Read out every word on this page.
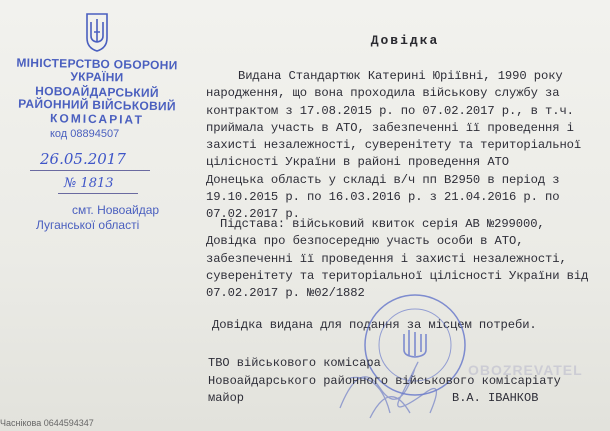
МІНІСТЕРСТВО ОБОРОНИ
УКРАЇНИ
НОВОАЙДАРСЬКИЙ
РАЙОННИЙ ВІЙСЬКОВИЙ
КОМІСАРІАТ
код 08894507
26.05.2017
№ 1813
смт. Новоайдар
Луганської області
Довідка
Видана Стандартюк Катерині Юріївні, 1990 року
народження, що вона проходила військову службу за
контрактом з 17.08.2015 р. по 07.02.2017 р., в т.ч.
приймала участь в АТО, забезпеченні її проведення і
захисті незалежності, суверенітету та територіальної
цілісності України в районі проведення АТО
Донецька область у складі в/ч пп В2950 в період з
19.10.2015 р. по 16.03.2016 р. з 21.04.2016 р. по
07.02.2017 р.
Підстава: військовий квиток серія АВ №299000,
Довідка про безпосередню участь особи в АТО,
забезпеченні її проведення і захисті незалежності,
суверенітету та територіальної цілісності України від
07.02.2017 р. №02/1882
Довідка видана для подання за місцем потреби.
ТВО військового комісара
Новоайдарського районного військового комісаріату
майор	В.А. ІВАНКОВ
OBOZREVATEL
Часнікова 0644594347
